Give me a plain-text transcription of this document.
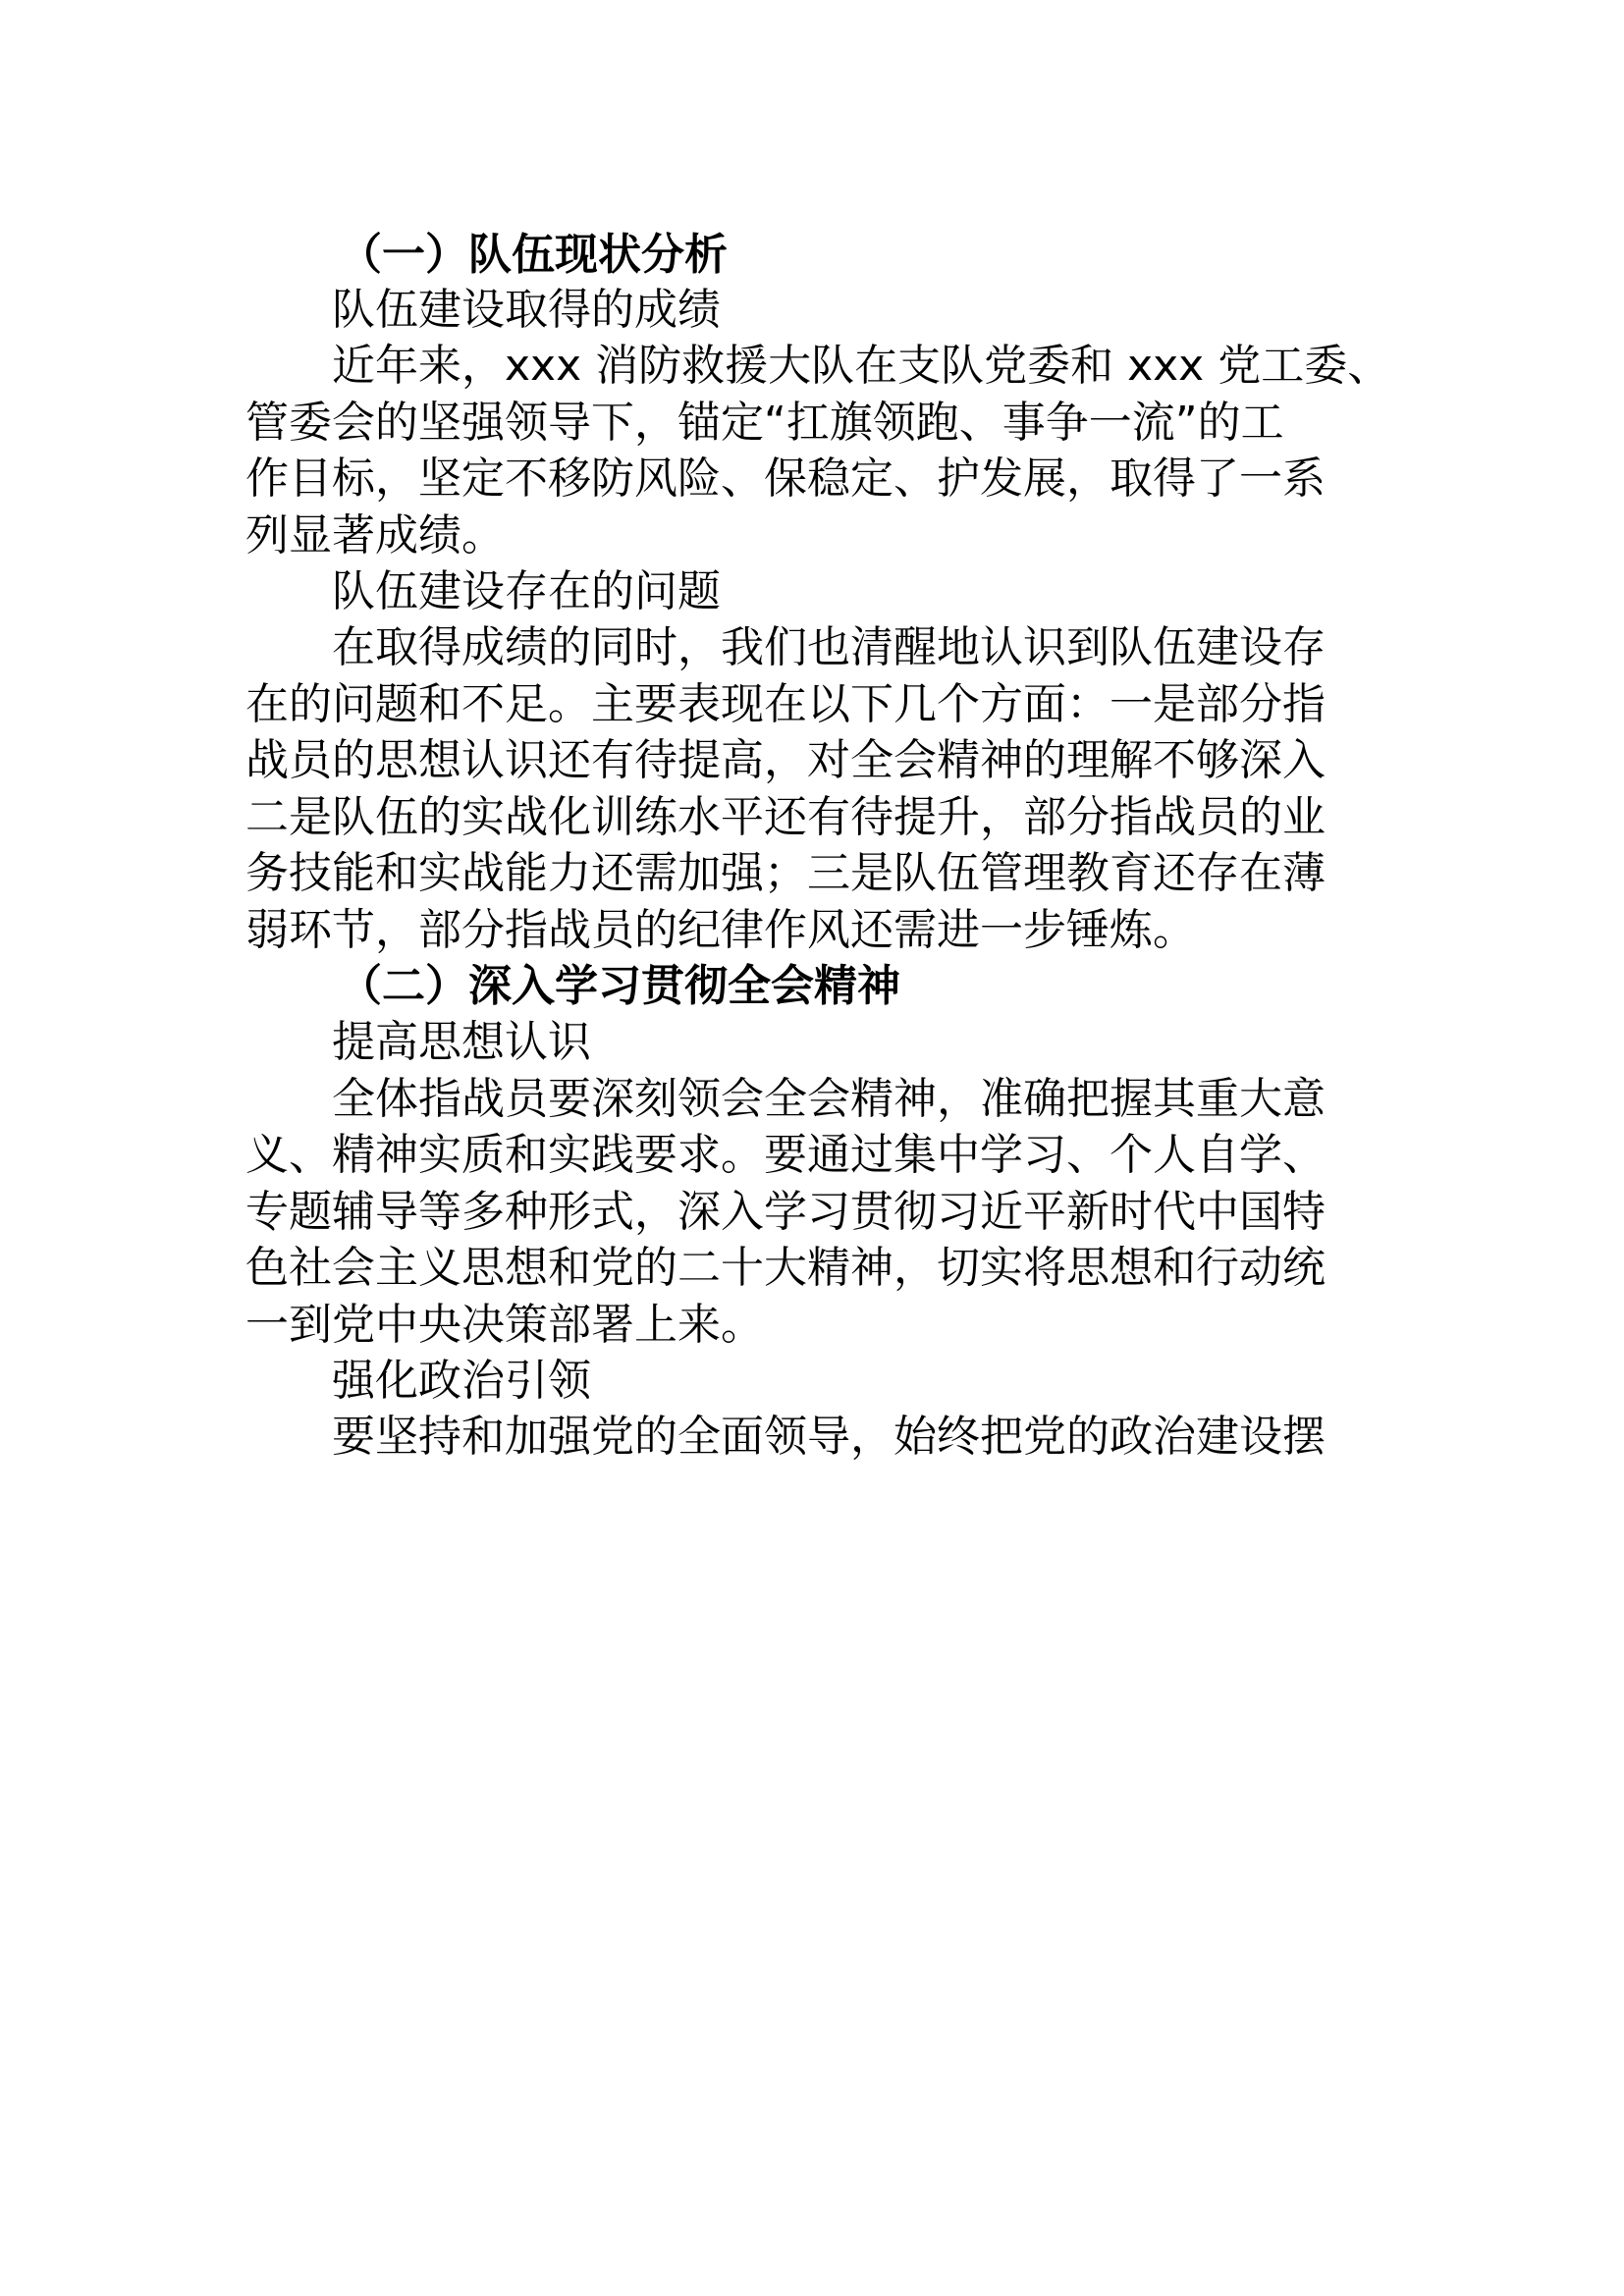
（一）队伍现状分析
队伍建设取得的成绩
近年来，xxx 消防救援大队在支队党委和 xxx 党工委、
管委会的坚强领导下，锚定“扛旗领跑、事争一流”的工
作目标，坚定不移防风险、保稳定、护发展，取得了一系
列显著成绩。
队伍建设存在的问题
在取得成绩的同时，我们也清醒地认识到队伍建设存
在的问题和不足。主要表现在以下几个方面：一是部分指
战员的思想认识还有待提高，对全会精神的理解不够深入
二是队伍的实战化训练水平还有待提升，部分指战员的业
务技能和实战能力还需加强；三是队伍管理教育还存在薄
弱环节，部分指战员的纪律作风还需进一步锤炼。
（二）深入学习贯彻全会精神
提高思想认识
全体指战员要深刻领会全会精神，准确把握其重大意
义、精神实质和实践要求。要通过集中学习、个人自学、
专题辅导等多种形式，深入学习贯彻习近平新时代中国特
色社会主义思想和党的二十大精神，切实将思想和行动统
一到党中央决策部署上来。
强化政治引领
要坚持和加强党的全面领导，始终把党的政治建设摆
